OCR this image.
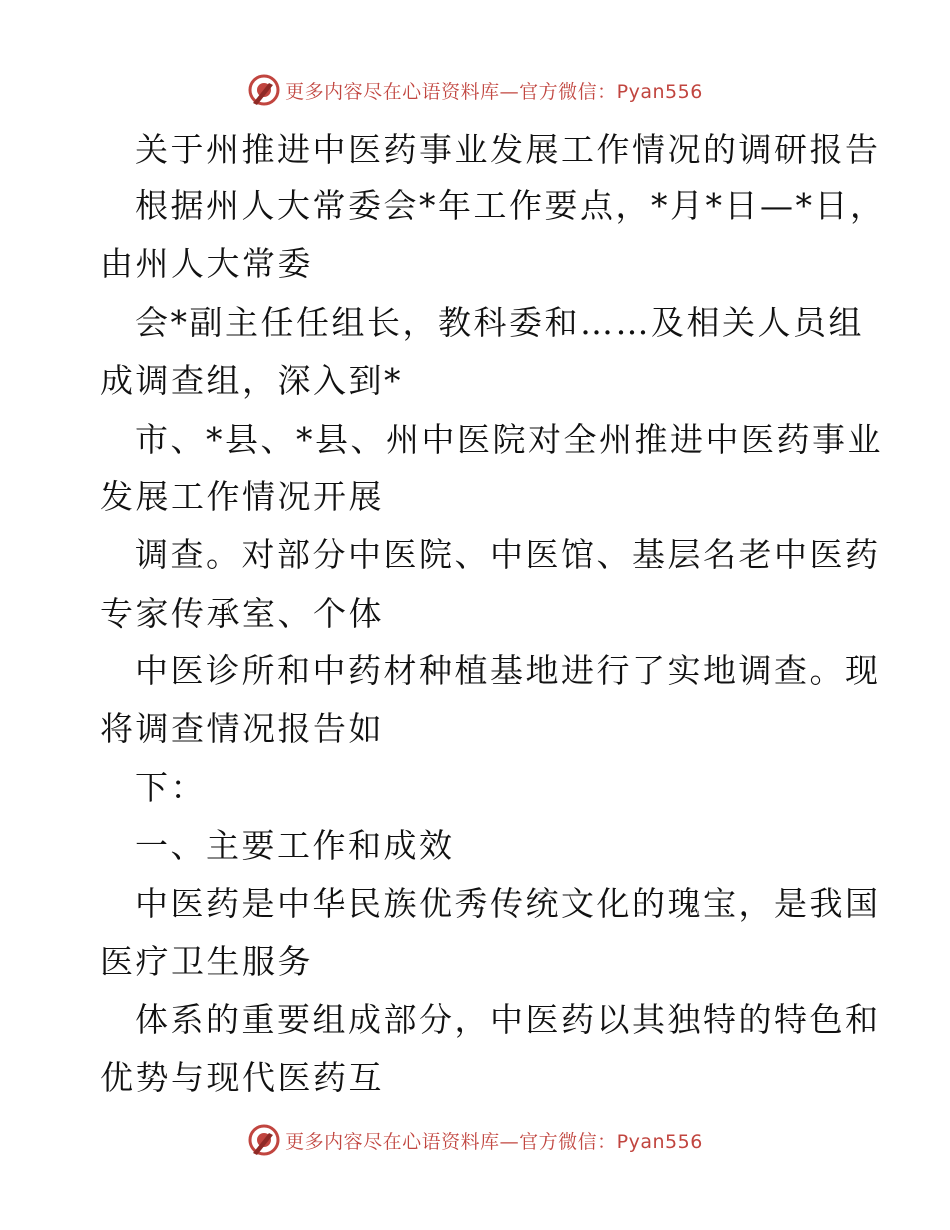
更多内容尽在心语资料库—官方微信：Pyan556
关于州推进中医药事业发展工作情况的调研报告
根据州人大常委会*年工作要点，*月*日—*日，
由州人大常委
会*副主任任组长，教科委和……及相关人员组
成调查组，深入到*
市、*县、*县、州中医院对全州推进中医药事业
发展工作情况开展
调查。对部分中医院、中医馆、基层名老中医药
专家传承室、个体
中医诊所和中药材种植基地进行了实地调查。现
将调查情况报告如
下：
一、主要工作和成效
中医药是中华民族优秀传统文化的瑰宝，是我国
医疗卫生服务
体系的重要组成部分，中医药以其独特的特色和
优势与现代医药互
更多内容尽在心语资料库—官方微信：Pyan556
